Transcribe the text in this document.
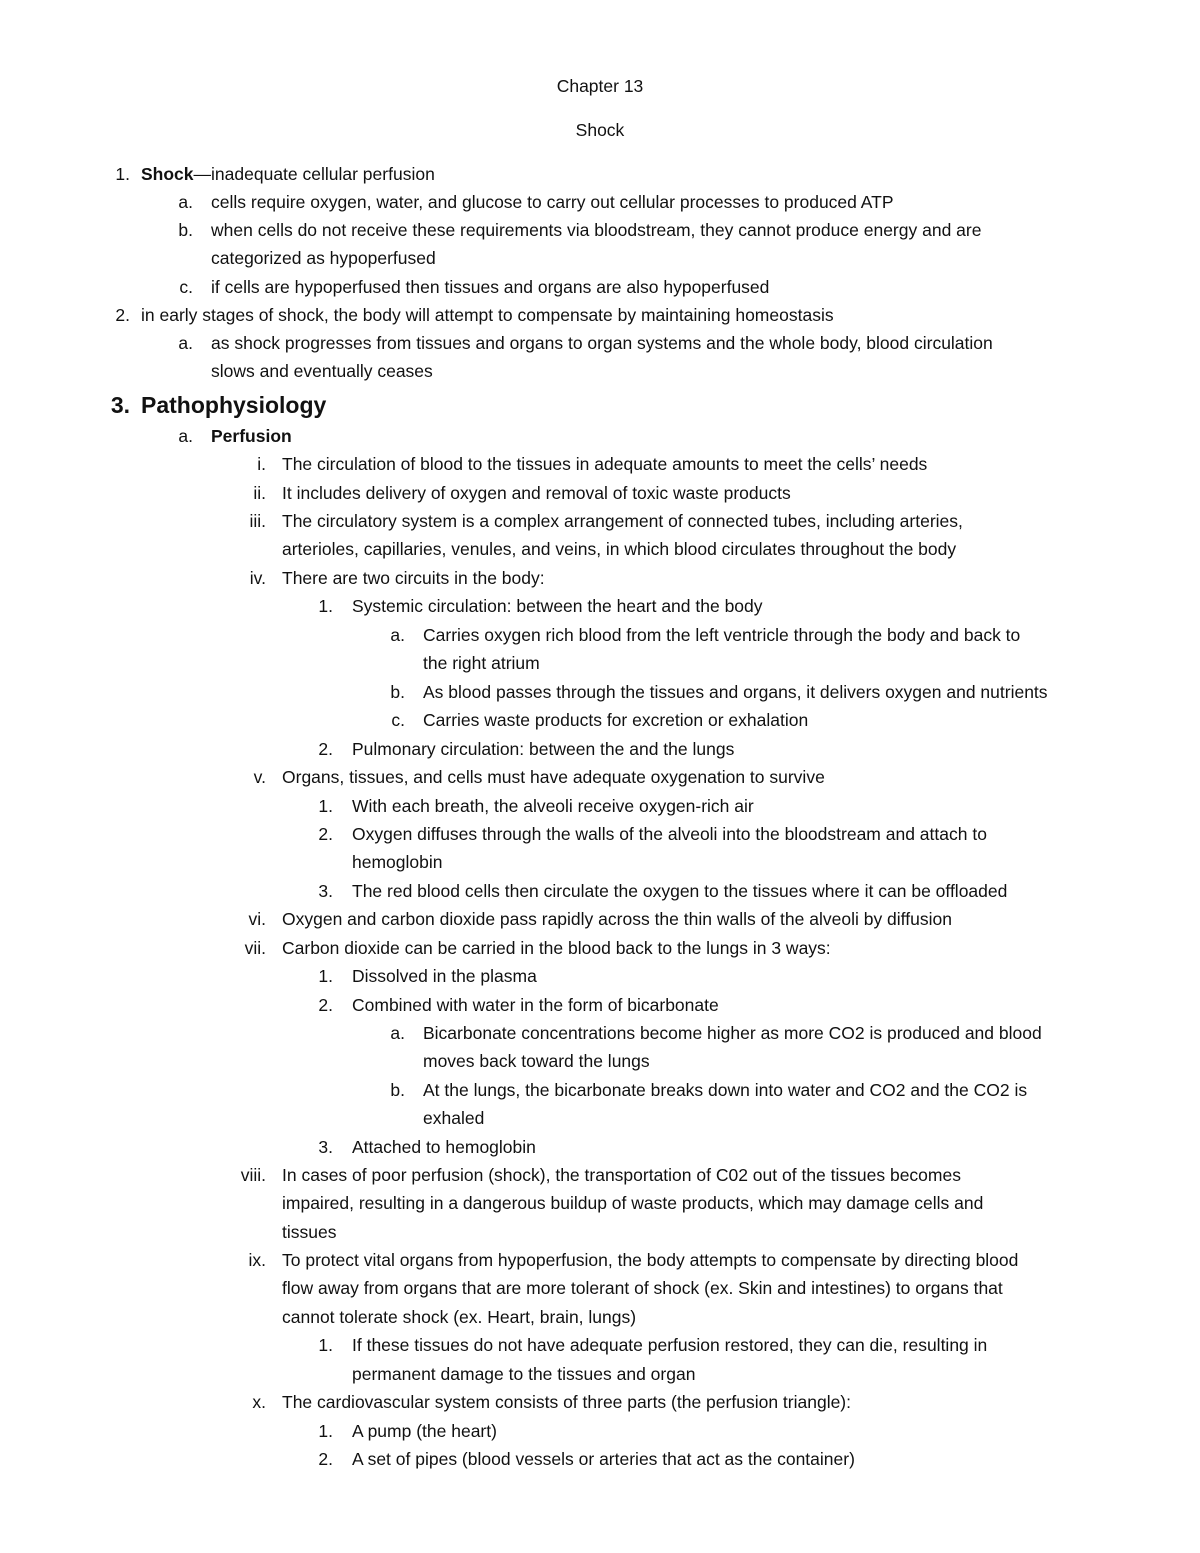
Chapter 13
Shock
1. Shock—inadequate cellular perfusion
a. cells require oxygen, water, and glucose to carry out cellular processes to produced ATP
b. when cells do not receive these requirements via bloodstream, they cannot produce energy and are
categorized as hypoperfused
c. if cells are hypoperfused then tissues and organs are also hypoperfused
2. in early stages of shock, the body will attempt to compensate by maintaining homeostasis
a. as shock progresses from tissues and organs to organ systems and the whole body, blood circulation
slows and eventually ceases
3. Pathophysiology
a. Perfusion
i. The circulation of blood to the tissues in adequate amounts to meet the cells’ needs
ii. It includes delivery of oxygen and removal of toxic waste products
iii. The circulatory system is a complex arrangement of connected tubes, including arteries,
arterioles, capillaries, venules, and veins, in which blood circulates throughout the body
iv. There are two circuits in the body:
1. Systemic circulation: between the heart and the body
a. Carries oxygen rich blood from the left ventricle through the body and back to
the right atrium
b. As blood passes through the tissues and organs, it delivers oxygen and nutrients
c. Carries waste products for excretion or exhalation
2. Pulmonary circulation: between the and the lungs
v. Organs, tissues, and cells must have adequate oxygenation to survive
1. With each breath, the alveoli receive oxygen-rich air
2. Oxygen diffuses through the walls of the alveoli into the bloodstream and attach to
hemoglobin
3. The red blood cells then circulate the oxygen to the tissues where it can be offloaded
vi. Oxygen and carbon dioxide pass rapidly across the thin walls of the alveoli by diffusion
vii. Carbon dioxide can be carried in the blood back to the lungs in 3 ways:
1. Dissolved in the plasma
2. Combined with water in the form of bicarbonate
a. Bicarbonate concentrations become higher as more CO2 is produced and blood
moves back toward the lungs
b. At the lungs, the bicarbonate breaks down into water and CO2 and the CO2 is
exhaled
3. Attached to hemoglobin
viii. In cases of poor perfusion (shock), the transportation of C02 out of the tissues becomes
impaired, resulting in a dangerous buildup of waste products, which may damage cells and
tissues
ix. To protect vital organs from hypoperfusion, the body attempts to compensate by directing blood
flow away from organs that are more tolerant of shock (ex. Skin and intestines) to organs that
cannot tolerate shock (ex. Heart, brain, lungs)
1. If these tissues do not have adequate perfusion restored, they can die, resulting in
permanent damage to the tissues and organ
x. The cardiovascular system consists of three parts (the perfusion triangle):
1. A pump (the heart)
2. A set of pipes (blood vessels or arteries that act as the container)
